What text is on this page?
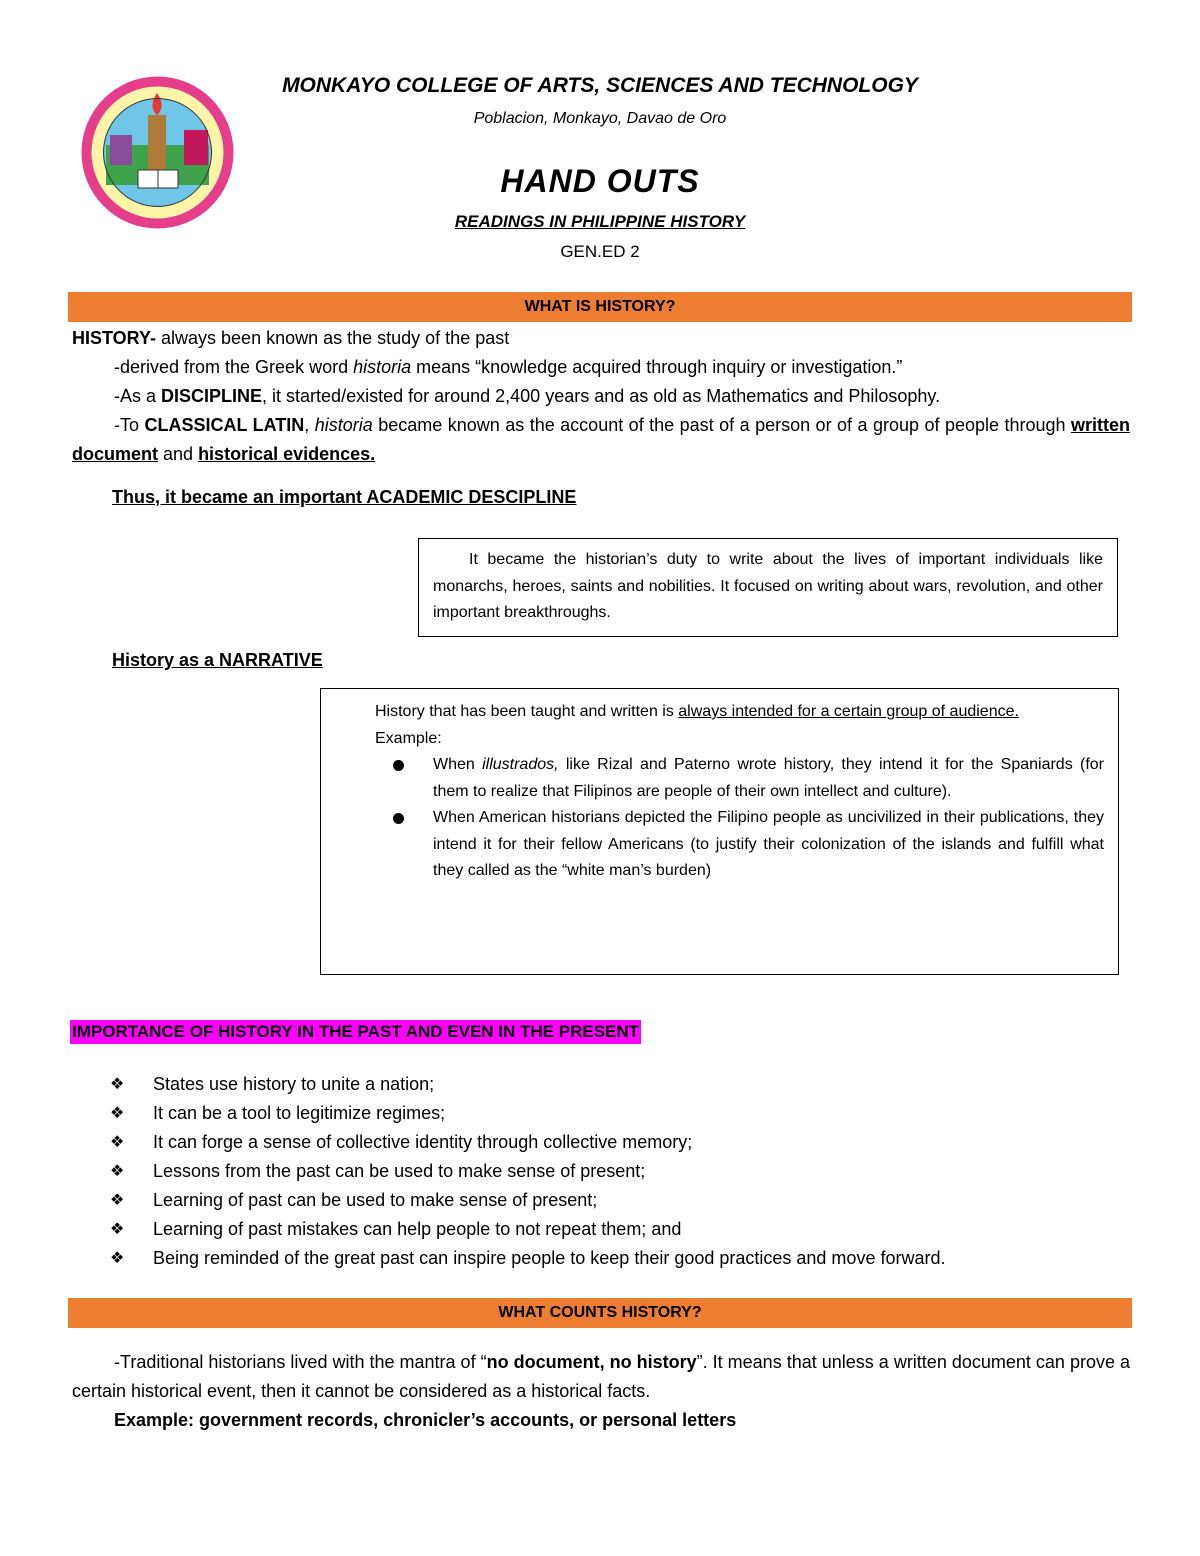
MONKAYO COLLEGE OF ARTS, SCIENCES AND TECHNOLOGY
Poblacion, Monkayo, Davao de Oro
HAND OUTS
READINGS IN PHILIPPINE HISTORY
GEN.ED 2
WHAT IS HISTORY?
HISTORY- always been known as the study of the past
-derived from the Greek word historia means “knowledge acquired through inquiry or investigation.”
-As a DISCIPLINE, it started/existed for around 2,400 years and as old as Mathematics and Philosophy.
-To CLASSICAL LATIN, historia became known as the account of the past of a person or of a group of people through written document and historical evidences.
Thus, it became an important ACADEMIC DESCIPLINE

It became the historian’s duty to write about the lives of important individuals like monarchs, heroes, saints and nobilities. It focused on writing about wars, revolution, and other important breakthroughs.

History as a NARRATIVE

History that has been taught and written is always intended for a certain group of audience.

Example:

When illustrados, like Rizal and Paterno wrote history, they intend it for the Spaniards (for them to realize that Filipinos are people of their own intellect and culture).
When American historians depicted the Filipino people as uncivilized in their publications, they intend it for their fellow Americans (to justify their colonization of the islands and fulfill what they called as the “white man’s burden)
IMPORTANCE OF HISTORY IN THE PAST AND EVEN IN THE PRESENT
❖ States use history to unite a nation;
❖ It can be a tool to legitimize regimes;
❖ It can forge a sense of collective identity through collective memory;
❖ Lessons from the past can be used to make sense of present;
❖ Learning of past can be used to make sense of present;
❖ Learning of past mistakes can help people to not repeat them; and
❖ Being reminded of the great past can inspire people to keep their good practices and move forward.
WHAT COUNTS HISTORY?
-Traditional historians lived with the mantra of “no document, no history”. It means that unless a written document can prove a certain historical event, then it cannot be considered as a historical facts.
Example: government records, chronicler’s accounts, or personal letters
